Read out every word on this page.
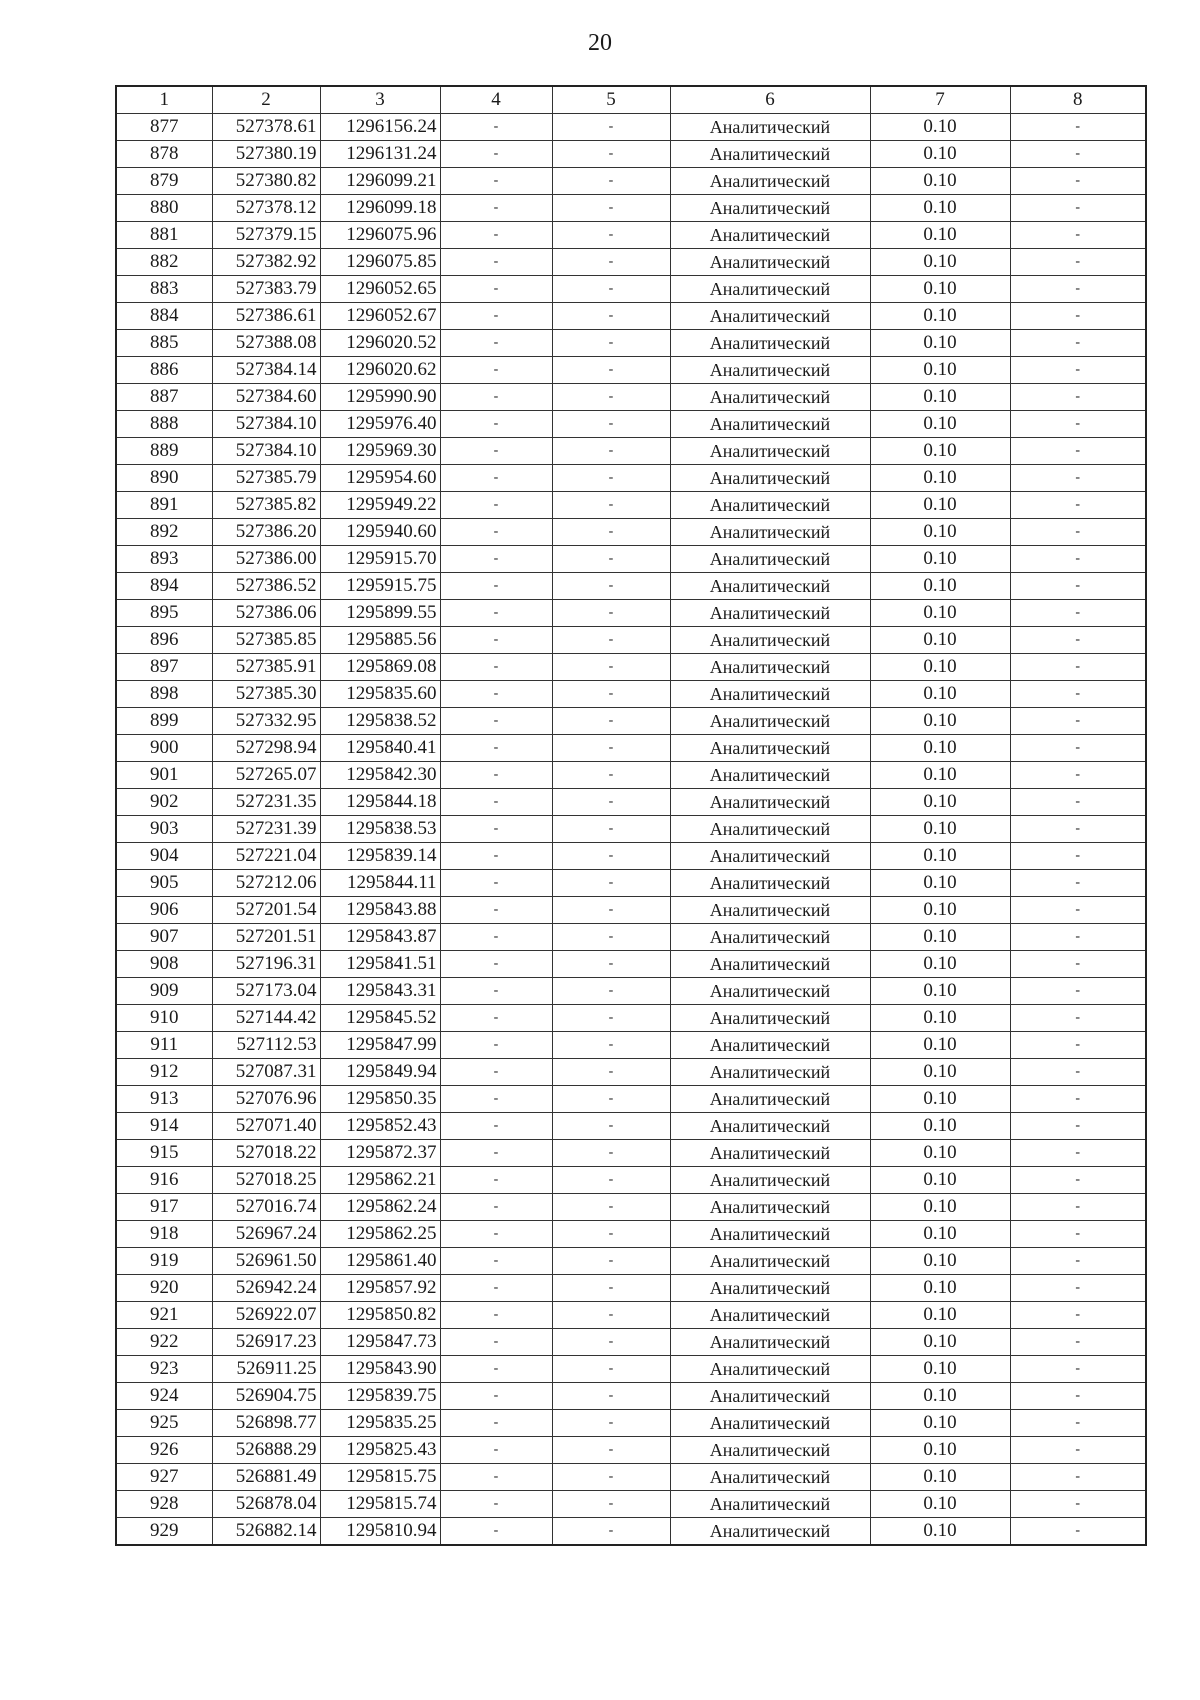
20
1	2	3	4	5	6	7	8
877	527378.61	1296156.24	-	-	Аналитический	0.10	-
878	527380.19	1296131.24	-	-	Аналитический	0.10	-
879	527380.82	1296099.21	-	-	Аналитический	0.10	-
880	527378.12	1296099.18	-	-	Аналитический	0.10	-
881	527379.15	1296075.96	-	-	Аналитический	0.10	-
882	527382.92	1296075.85	-	-	Аналитический	0.10	-
883	527383.79	1296052.65	-	-	Аналитический	0.10	-
884	527386.61	1296052.67	-	-	Аналитический	0.10	-
885	527388.08	1296020.52	-	-	Аналитический	0.10	-
886	527384.14	1296020.62	-	-	Аналитический	0.10	-
887	527384.60	1295990.90	-	-	Аналитический	0.10	-
888	527384.10	1295976.40	-	-	Аналитический	0.10	-
889	527384.10	1295969.30	-	-	Аналитический	0.10	-
890	527385.79	1295954.60	-	-	Аналитический	0.10	-
891	527385.82	1295949.22	-	-	Аналитический	0.10	-
892	527386.20	1295940.60	-	-	Аналитический	0.10	-
893	527386.00	1295915.70	-	-	Аналитический	0.10	-
894	527386.52	1295915.75	-	-	Аналитический	0.10	-
895	527386.06	1295899.55	-	-	Аналитический	0.10	-
896	527385.85	1295885.56	-	-	Аналитический	0.10	-
897	527385.91	1295869.08	-	-	Аналитический	0.10	-
898	527385.30	1295835.60	-	-	Аналитический	0.10	-
899	527332.95	1295838.52	-	-	Аналитический	0.10	-
900	527298.94	1295840.41	-	-	Аналитический	0.10	-
901	527265.07	1295842.30	-	-	Аналитический	0.10	-
902	527231.35	1295844.18	-	-	Аналитический	0.10	-
903	527231.39	1295838.53	-	-	Аналитический	0.10	-
904	527221.04	1295839.14	-	-	Аналитический	0.10	-
905	527212.06	1295844.11	-	-	Аналитический	0.10	-
906	527201.54	1295843.88	-	-	Аналитический	0.10	-
907	527201.51	1295843.87	-	-	Аналитический	0.10	-
908	527196.31	1295841.51	-	-	Аналитический	0.10	-
909	527173.04	1295843.31	-	-	Аналитический	0.10	-
910	527144.42	1295845.52	-	-	Аналитический	0.10	-
911	527112.53	1295847.99	-	-	Аналитический	0.10	-
912	527087.31	1295849.94	-	-	Аналитический	0.10	-
913	527076.96	1295850.35	-	-	Аналитический	0.10	-
914	527071.40	1295852.43	-	-	Аналитический	0.10	-
915	527018.22	1295872.37	-	-	Аналитический	0.10	-
916	527018.25	1295862.21	-	-	Аналитический	0.10	-
917	527016.74	1295862.24	-	-	Аналитический	0.10	-
918	526967.24	1295862.25	-	-	Аналитический	0.10	-
919	526961.50	1295861.40	-	-	Аналитический	0.10	-
920	526942.24	1295857.92	-	-	Аналитический	0.10	-
921	526922.07	1295850.82	-	-	Аналитический	0.10	-
922	526917.23	1295847.73	-	-	Аналитический	0.10	-
923	526911.25	1295843.90	-	-	Аналитический	0.10	-
924	526904.75	1295839.75	-	-	Аналитический	0.10	-
925	526898.77	1295835.25	-	-	Аналитический	0.10	-
926	526888.29	1295825.43	-	-	Аналитический	0.10	-
927	526881.49	1295815.75	-	-	Аналитический	0.10	-
928	526878.04	1295815.74	-	-	Аналитический	0.10	-
929	526882.14	1295810.94	-	-	Аналитический	0.10	-
